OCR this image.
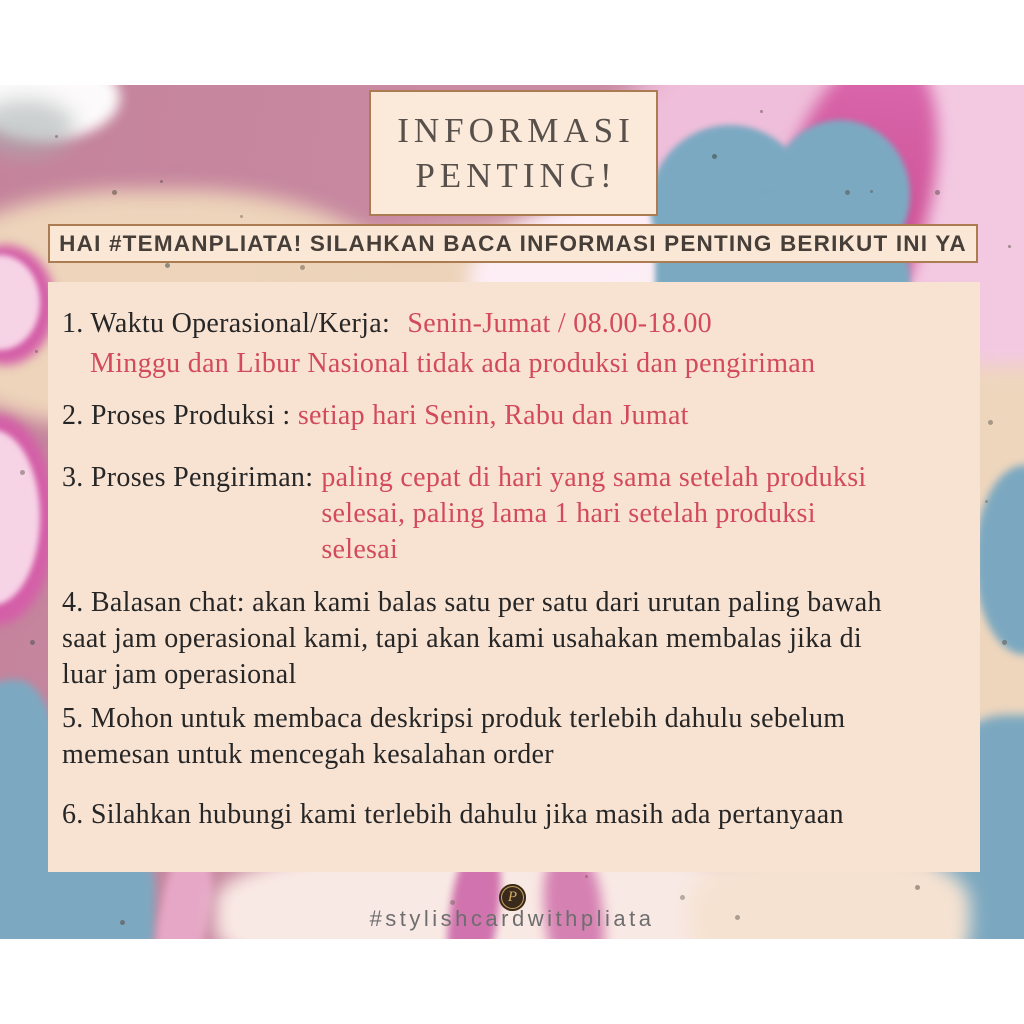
INFORMASI
PENTING!
HAI #TEMANPLIATA! SILAHKAN BACA INFORMASI PENTING BERIKUT INI YA
1. Waktu Operasional/Kerja: Senin-Jumat / 08.00-18.00
Minggu dan Libur Nasional tidak ada produksi dan pengiriman
2. Proses Produksi : setiap hari Senin, Rabu dan Jumat
3. Proses Pengiriman: paling cepat di hari yang sama setelah produksi selesai, paling lama 1 hari setelah produksi selesai
4. Balasan chat: akan kami balas satu per satu dari urutan paling bawah saat jam operasional kami, tapi akan kami usahakan membalas jika di luar jam operasional
5. Mohon untuk membaca deskripsi produk terlebih dahulu sebelum memesan untuk mencegah kesalahan order
6. Silahkan hubungi kami terlebih dahulu jika masih ada pertanyaan
P
#stylishcardwithpliata
